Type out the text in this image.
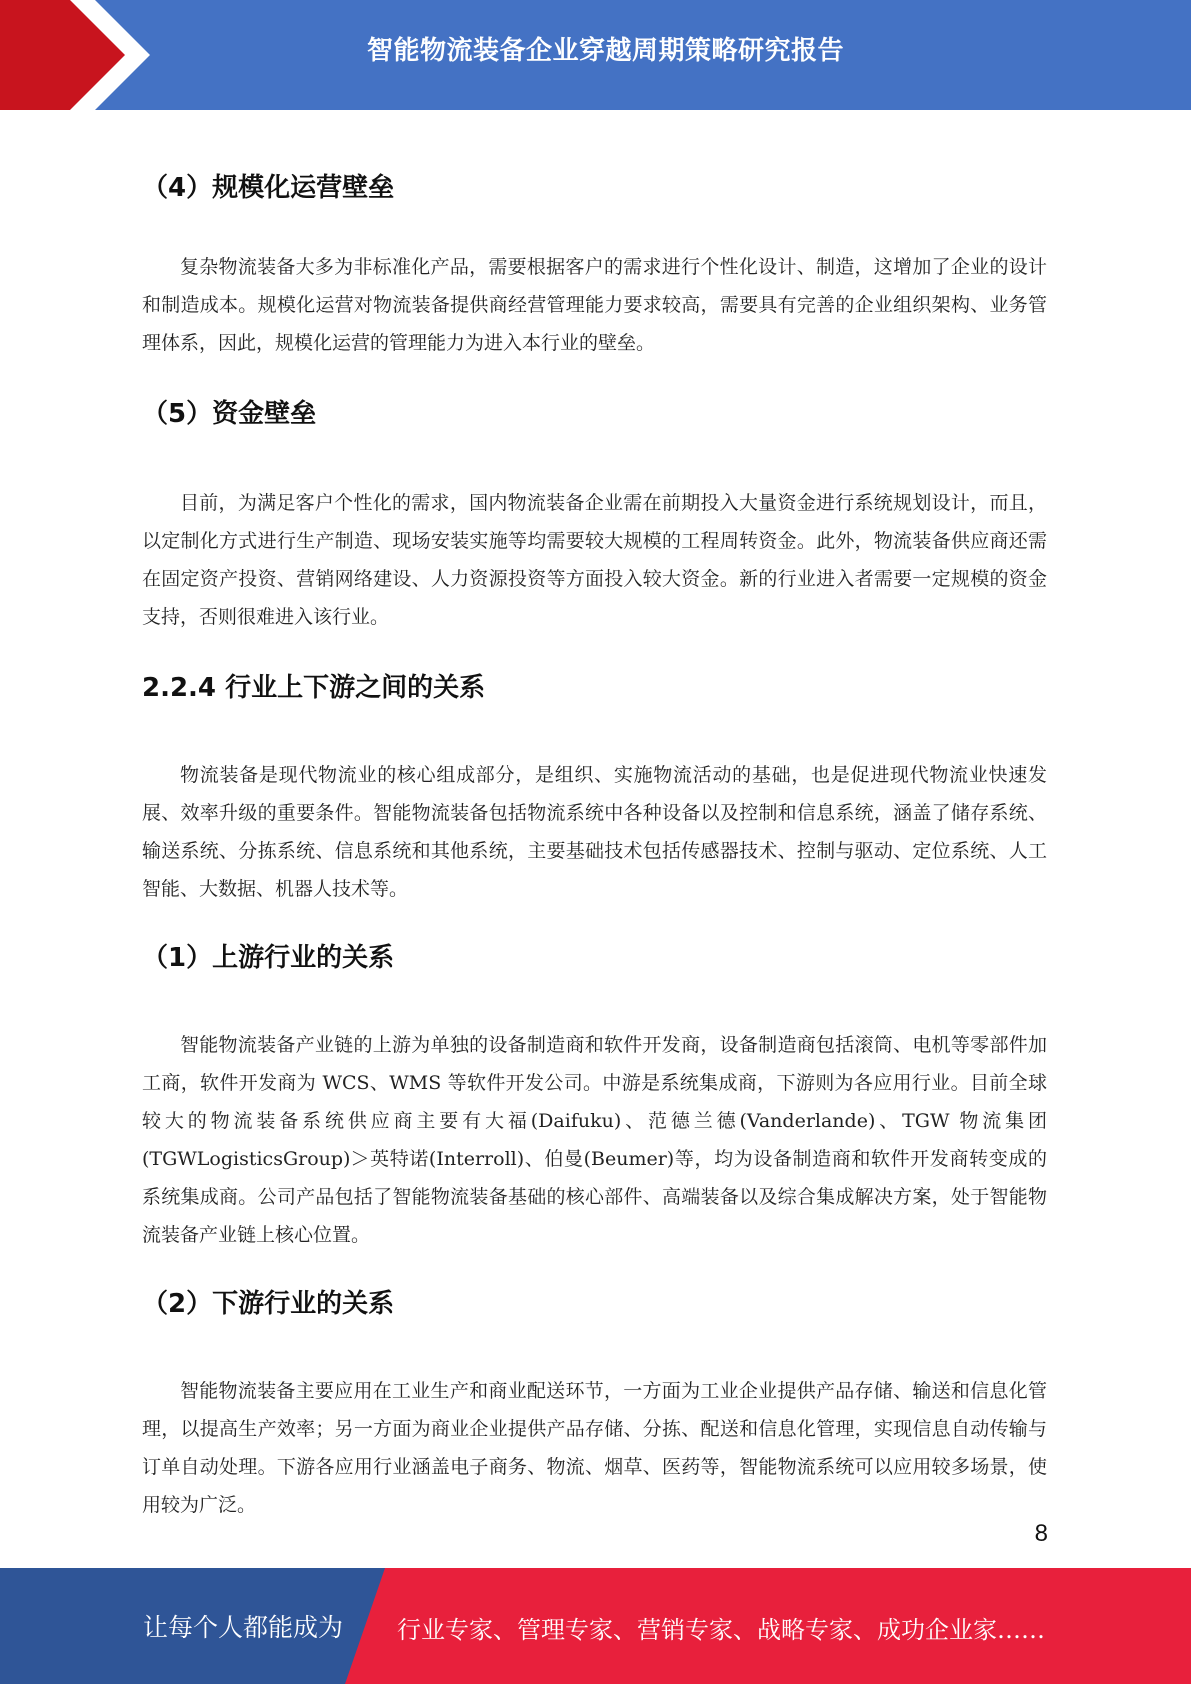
智能物流装备企业穿越周期策略研究报告
（4）规模化运营壁垒

复杂物流装备大多为非标准化产品，需要根据客户的需求进行个性化设计、制造，这增加了企业的设计和制造成本。规模化运营对物流装备提供商经营管理能力要求较高，需要具有完善的企业组织架构、业务管理体系，因此，规模化运营的管理能力为进入本行业的壁垒。

（5）资金壁垒

目前，为满足客户个性化的需求，国内物流装备企业需在前期投入大量资金进行系统规划设计，而且，以定制化方式进行生产制造、现场安装实施等均需要较大规模的工程周转资金。此外，物流装备供应商还需在固定资产投资、营销网络建设、人力资源投资等方面投入较大资金。新的行业进入者需要一定规模的资金支持，否则很难进入该行业。

2.2.4 行业上下游之间的关系

物流装备是现代物流业的核心组成部分，是组织、实施物流活动的基础，也是促进现代物流业快速发展、效率升级的重要条件。智能物流装备包括物流系统中各种设备以及控制和信息系统，涵盖了储存系统、输送系统、分拣系统、信息系统和其他系统，主要基础技术包括传感器技术、控制与驱动、定位系统、人工智能、大数据、机器人技术等。

（1）上游行业的关系

智能物流装备产业链的上游为单独的设备制造商和软件开发商，设备制造商包括滚筒、电机等零部件加工商，软件开发商为 WCS、WMS 等软件开发公司。中游是系统集成商，下游则为各应用行业。目前全球较大的物流装备系统供应商主要有大福(Daifuku)、范德兰德(Vanderlande)、TGW 物流集团(TGWLogisticsGroup)＞英特诺(Interroll)、伯曼(Beumer)等，均为设备制造商和软件开发商转变成的系统集成商。公司产品包括了智能物流装备基础的核心部件、高端装备以及综合集成解决方案，处于智能物流装备产业链上核心位置。

（2）下游行业的关系

智能物流装备主要应用在工业生产和商业配送环节，一方面为工业企业提供产品存储、输送和信息化管理，以提高生产效率；另一方面为商业企业提供产品存储、分拣、配送和信息化管理，实现信息自动传输与订单自动处理。下游各应用行业涵盖电子商务、物流、烟草、医药等，智能物流系统可以应用较多场景，使用较为广泛。

8
让每个人都能成为 行业专家、管理专家、营销专家、战略专家、成功企业家……
